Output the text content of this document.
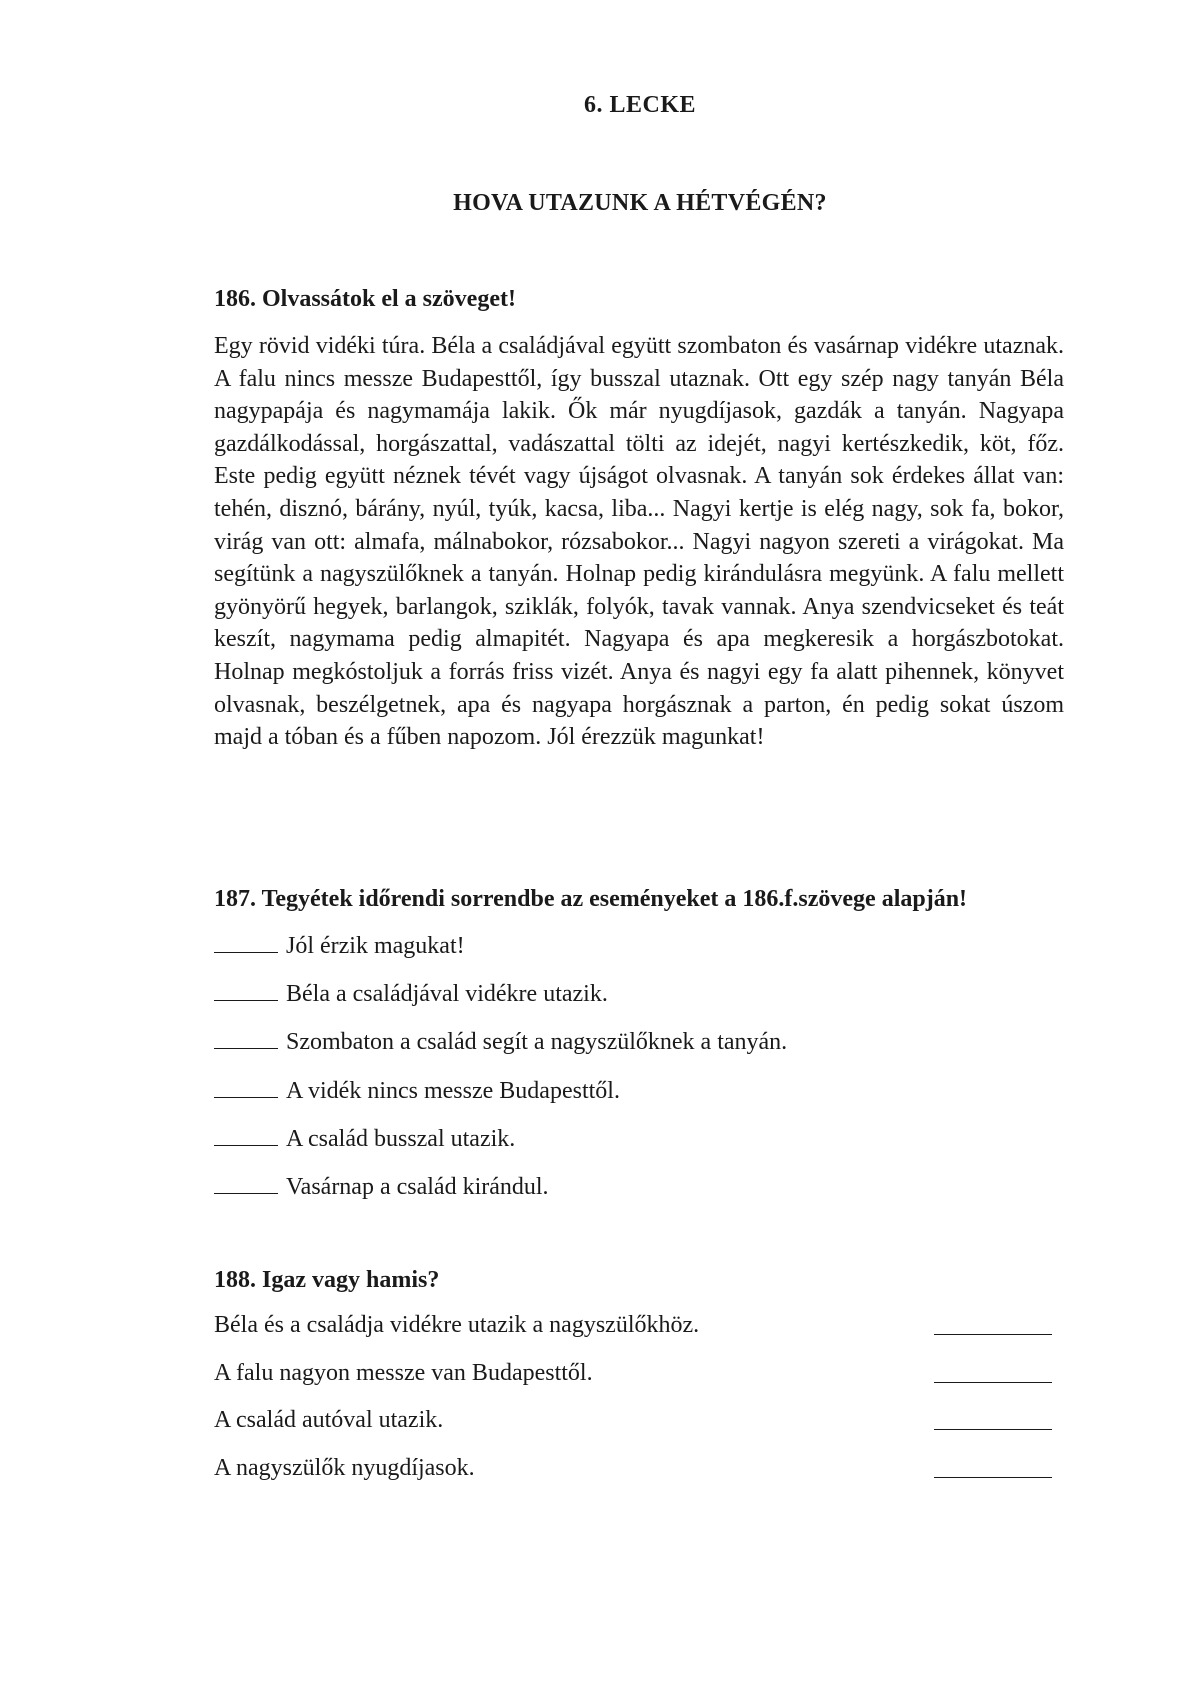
6. LECKE
HOVA UTAZUNK A HÉTVÉGÉN?
186. Olvassátok el a szöveget!

Egy rövid vidéki túra. Béla a családjával együtt szombaton és vasárnap vidékre utaznak. A falu nincs messze Budapesttől, így busszal utaznak. Ott egy szép nagy tanyán Béla nagypapája és nagymamája lakik. Ők már nyugdíjasok, gazdák a tanyán. Nagyapa gazdálkodással, horgászattal, vadászattal tölti az idejét, nagyi kertészkedik, köt, főz. Este pedig együtt néznek tévét vagy újságot olvasnak. A tanyán sok érdekes állat van: tehén, disznó, bárány, nyúl, tyúk, kacsa, liba... Nagyi kertje is elég nagy, sok fa, bokor, virág van ott: almafa, málnabokor, rózsabokor... Nagyi nagyon szereti a virágokat. Ma segítünk a nagyszülőknek a tanyán. Holnap pedig kirándulásra megyünk. A falu mellett gyönyörű hegyek, barlangok, sziklák, folyók, tavak vannak. Anya szendvicseket és teát keszít, nagymama pedig almapitét. Nagyapa és apa megkeresik a horgászbotokat. Holnap megkóstoljuk a forrás friss vizét. Anya és nagyi egy fa alatt pihennek, könyvet olvasnak, beszélgetnek, apa és nagyapa horgásznak a parton, én pedig sokat úszom majd a tóban és a fűben napozom. Jól érezzük magunkat!

187. Tegyétek időrendi sorrendbe az eseményeket a 186.f.szövege alapján!
Jól érzik magukat!
Béla a családjával vidékre utazik.
Szombaton a család segít a nagyszülőknek a tanyán.
A vidék nincs messze Budapesttől.
A család busszal utazik.
Vasárnap a család kirándul.
188. Igaz vagy hamis?
Béla és a családja vidékre utazik a nagyszülőkhöz.
A falu nagyon messze van Budapesttől.
A család autóval utazik.
A nagyszülők nyugdíjasok.
